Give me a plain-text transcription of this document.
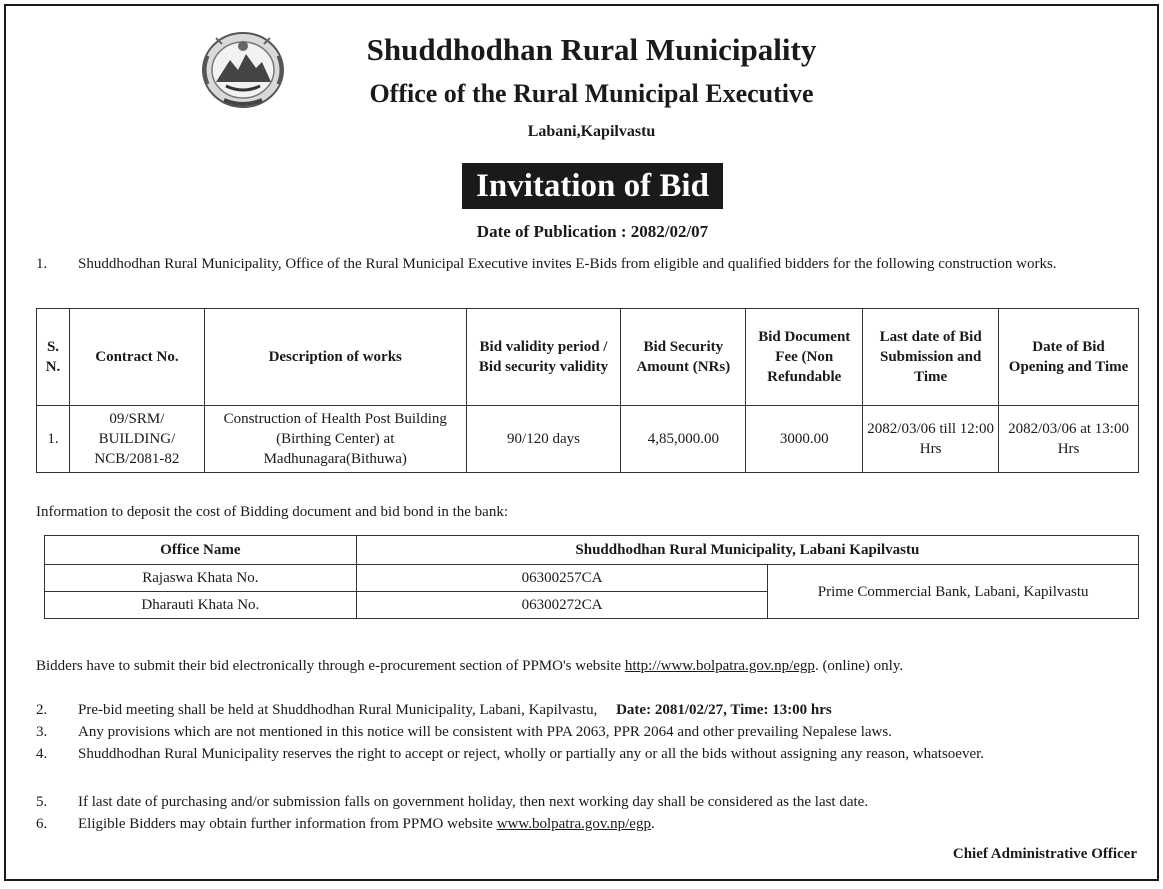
Shuddhodhan Rural Municipality
Office of the Rural Municipal Executive
Labani,Kapilvastu
Invitation of Bid
Date of Publication : 2082/02/07
1.	Shuddhodhan Rural Municipality, Office of the Rural Municipal Executive invites E-Bids from eligible and qualified bidders for the following construction works.
S. N.	Contract No.	Description of works	Bid validity period / Bid security validity	Bid Security Amount (NRs)	Bid Document Fee (Non Refundable	Last date of Bid Submission and Time	Date of Bid Opening and Time
1.	09/SRM/ BUILDING/ NCB/2081-82	Construction of Health Post Building (Birthing Center) at Madhunagara(Bithuwa)	90/120 days	4,85,000.00	3000.00	2082/03/06 till 12:00 Hrs	2082/03/06 at 13:00 Hrs
Information to deposit the cost of Bidding document and bid bond in the bank:
Office Name	Shuddhodhan Rural Municipality, Labani Kapilvastu	
Rajaswa Khata No.	06300257CA	Prime Commercial Bank, Labani, Kapilvastu
Dharauti Khata No.	06300272CA	
Bidders have to submit their bid electronically through e-procurement section of PPMO's website http://www.bolpatra.gov.np/egp. (online) only.
2.	Pre-bid meeting shall be held at Shuddhodhan Rural Municipality, Labani, Kapilvastu, Date: 2081/02/27, Time: 13:00 hrs
3.	Any provisions which are not mentioned in this notice will be consistent with PPA 2063, PPR 2064 and other prevailing Nepalese laws.
4.	Shuddhodhan Rural Municipality reserves the right to accept or reject, wholly or partially any or all the bids without assigning any reason, whatsoever.
5.	If last date of purchasing and/or submission falls on government holiday, then next working day shall be considered as the last date.
6.	Eligible Bidders may obtain further information from PPMO website www.bolpatra.gov.np/egp.
Chief Administrative Officer
